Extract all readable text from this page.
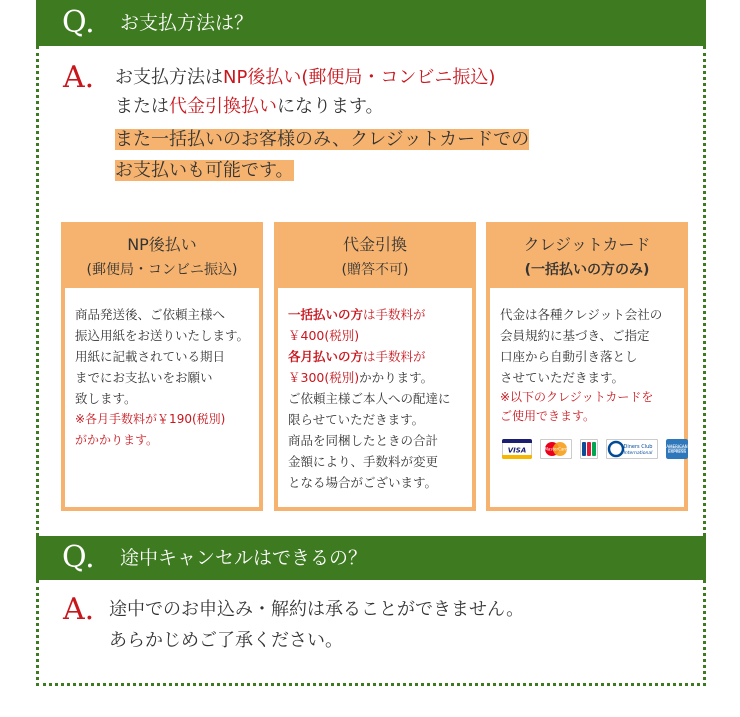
Q. お支払方法は？
A. お支払方法はNP後払い(郵便局・コンビニ振込)
または代金引換払いになります。
また一括払いのお客様のみ、クレジットカードでの
お支払いも可能です。
NP後払い
(郵便局・コンビニ振込)

商品発送後、ご依頼主様へ

振込用紙をお送りいたします。

用紙に記載されている期日

までにお支払いをお願い

致します。

※各月手数料が￥190(税別)

がかかります。

代金引換
(贈答不可)

一括払いの方は手数料が

￥400(税別)

各月払いの方は手数料が

￥300(税別)かかります。

ご依頼主様ご本人への配達に

限らせていただきます。

商品を同梱したときの合計

金額により、手数料が変更

となる場合がございます。

クレジットカード
(一括払いの方のみ)

代金は各種クレジット会社の

会員規約に基づき、ご指定

口座から自動引き落とし

させていただきます。

※以下のクレジットカードを

ご使用できます。

VISA
	MasterCard
	Diners Club
International

AMERICAN
EXPRESS
Q. 途中キャンセルはできるの？
A. 途中でのお申込み・解約は承ることができません。
あらかじめご了承ください。
